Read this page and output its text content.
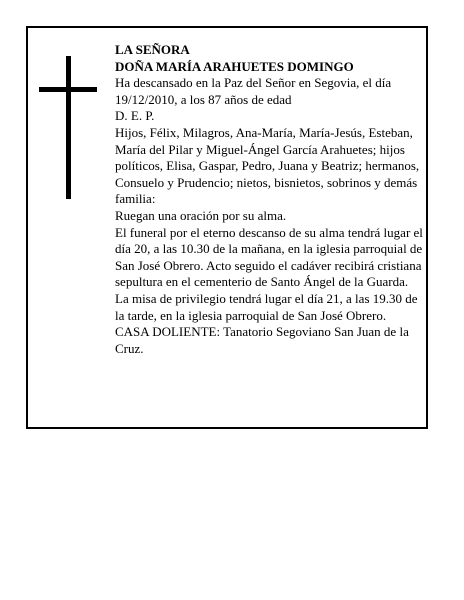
LA SEÑORA

DOÑA MARÍA ARAHUETES DOMINGO

Ha descansado en la Paz del Señor en Segovia, el día 19/12/2010, a los 87 años de edad

D. E. P.

Hijos, Félix, Milagros, Ana-María, María-Jesús, Esteban, María del Pilar y Miguel-Ángel García Arahuetes; hijos políticos, Elisa, Gaspar, Pedro, Juana y Beatriz; hermanos, Consuelo y Prudencio; nietos, bisnietos, sobrinos y demás familia:

Ruegan una oración por su alma.

El funeral por el eterno descanso de su alma tendrá lugar el día 20, a las 10.30 de la mañana, en la iglesia parroquial de San José Obrero. Acto seguido el cadáver recibirá cristiana sepultura en el cementerio de Santo Ángel de la Guarda.

La misa de privilegio tendrá lugar el día 21, a las 19.30 de la tarde, en la iglesia parroquial de San José Obrero.

CASA DOLIENTE: Tanatorio Segoviano San Juan de la Cruz.
